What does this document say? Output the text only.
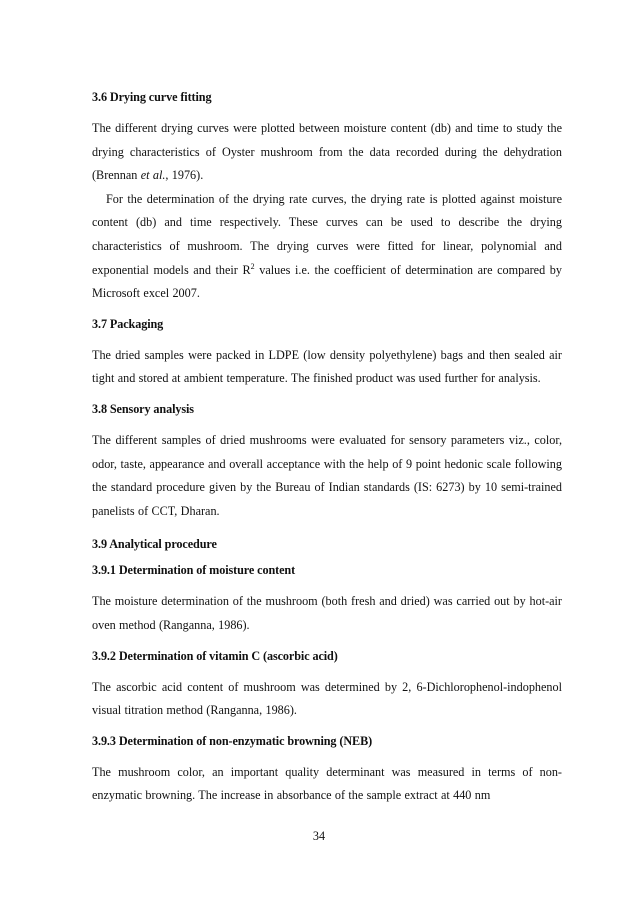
3.6 Drying curve fitting

The different drying curves were plotted between moisture content (db) and time to study the drying characteristics of Oyster mushroom from the data recorded during the dehydration (Brennan et al., 1976).

For the determination of the drying rate curves, the drying rate is plotted against moisture content (db) and time respectively. These curves can be used to describe the drying characteristics of mushroom. The drying curves were fitted for linear, polynomial and exponential models and their $R^2$ values i.e. the coefficient of determination are compared by Microsoft excel 2007.

3.7 Packaging

The dried samples were packed in LDPE (low density polyethylene) bags and then sealed air tight and stored at ambient temperature. The finished product was used further for analysis.

3.8 Sensory analysis

The different samples of dried mushrooms were evaluated for sensory parameters viz., color, odor, taste, appearance and overall acceptance with the help of 9 point hedonic scale following the standard procedure given by the Bureau of Indian standards (IS: 6273) by 10 semi-trained panelists of CCT, Dharan.

3.9 Analytical procedure
3.9.1 Determination of moisture content

The moisture determination of the mushroom (both fresh and dried) was carried out by hot-air oven method (Ranganna, 1986).

3.9.2 Determination of vitamin C (ascorbic acid)

The ascorbic acid content of mushroom was determined by 2, 6-Dichlorophenol-indophenol visual titration method (Ranganna, 1986).

3.9.3 Determination of non-enzymatic browning (NEB)

The mushroom color, an important quality determinant was measured in terms of non-enzymatic browning. The increase in absorbance of the sample extract at 440 nm

34
